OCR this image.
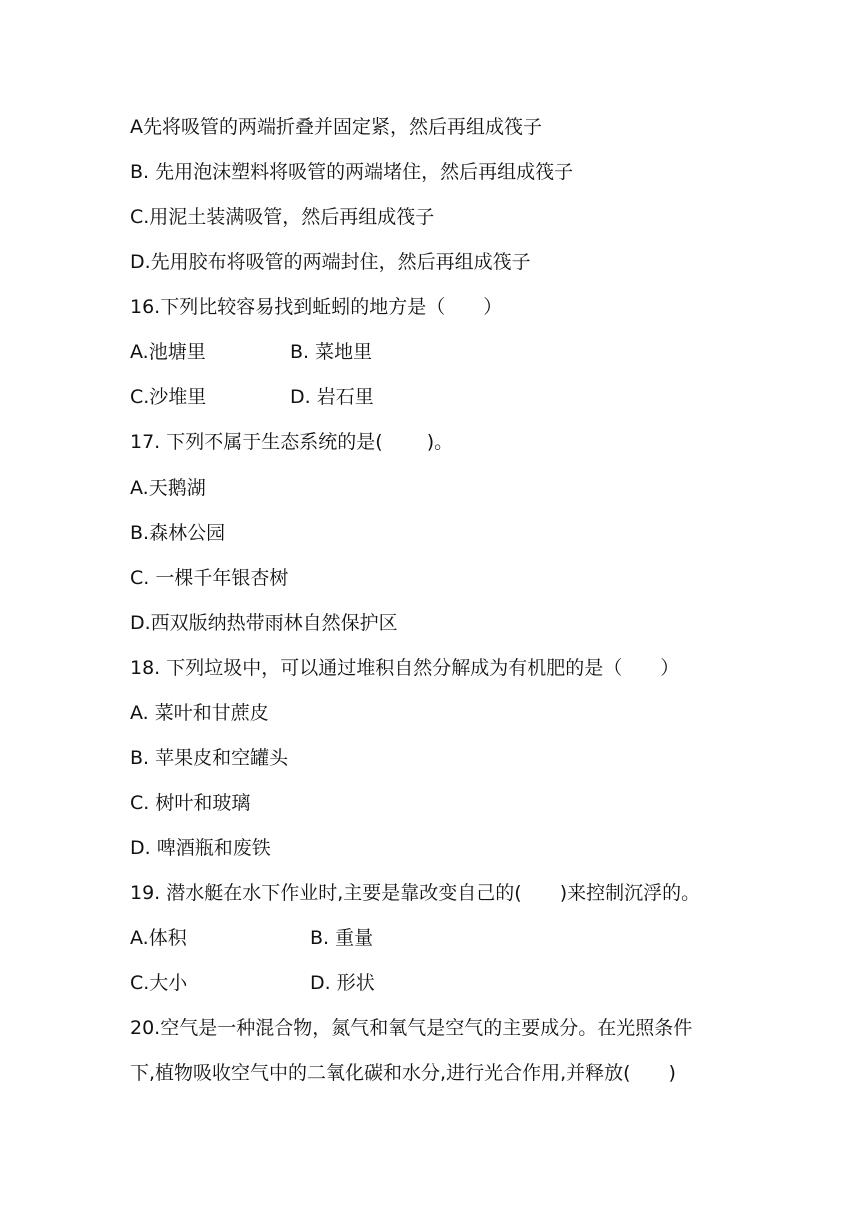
A先将吸管的两端折叠并固定紧，然后再组成筏子
B. 先用泡沫塑料将吸管的两端堵住，然后再组成筏子
C.用泥土装满吸管，然后再组成筏子
D.先用胶布将吸管的两端封住，然后再组成筏子
16.下列比较容易找到蚯蚓的地方是（　　）
A.池塘里	B. 菜地里
C.沙堆里	D. 岩石里
17. 下列不属于生态系统的是(　　 )。
A.天鹅湖
B.森林公园
C. 一棵千年银杏树
D.西双版纳热带雨林自然保护区
18. 下列垃圾中，可以通过堆积自然分解成为有机肥的是（　　）
A. 菜叶和甘蔗皮
B. 苹果皮和空罐头
C. 树叶和玻璃
D. 啤酒瓶和废铁
19. 潜水艇在水下作业时,主要是靠改变自己的(　　)来控制沉浮的。
A.体积	B. 重量
C.大小	D. 形状
20.空气是一种混合物，氮气和氧气是空气的主要成分。在光照条件
下,植物吸收空气中的二氧化碳和水分,进行光合作用,并释放(　　)
